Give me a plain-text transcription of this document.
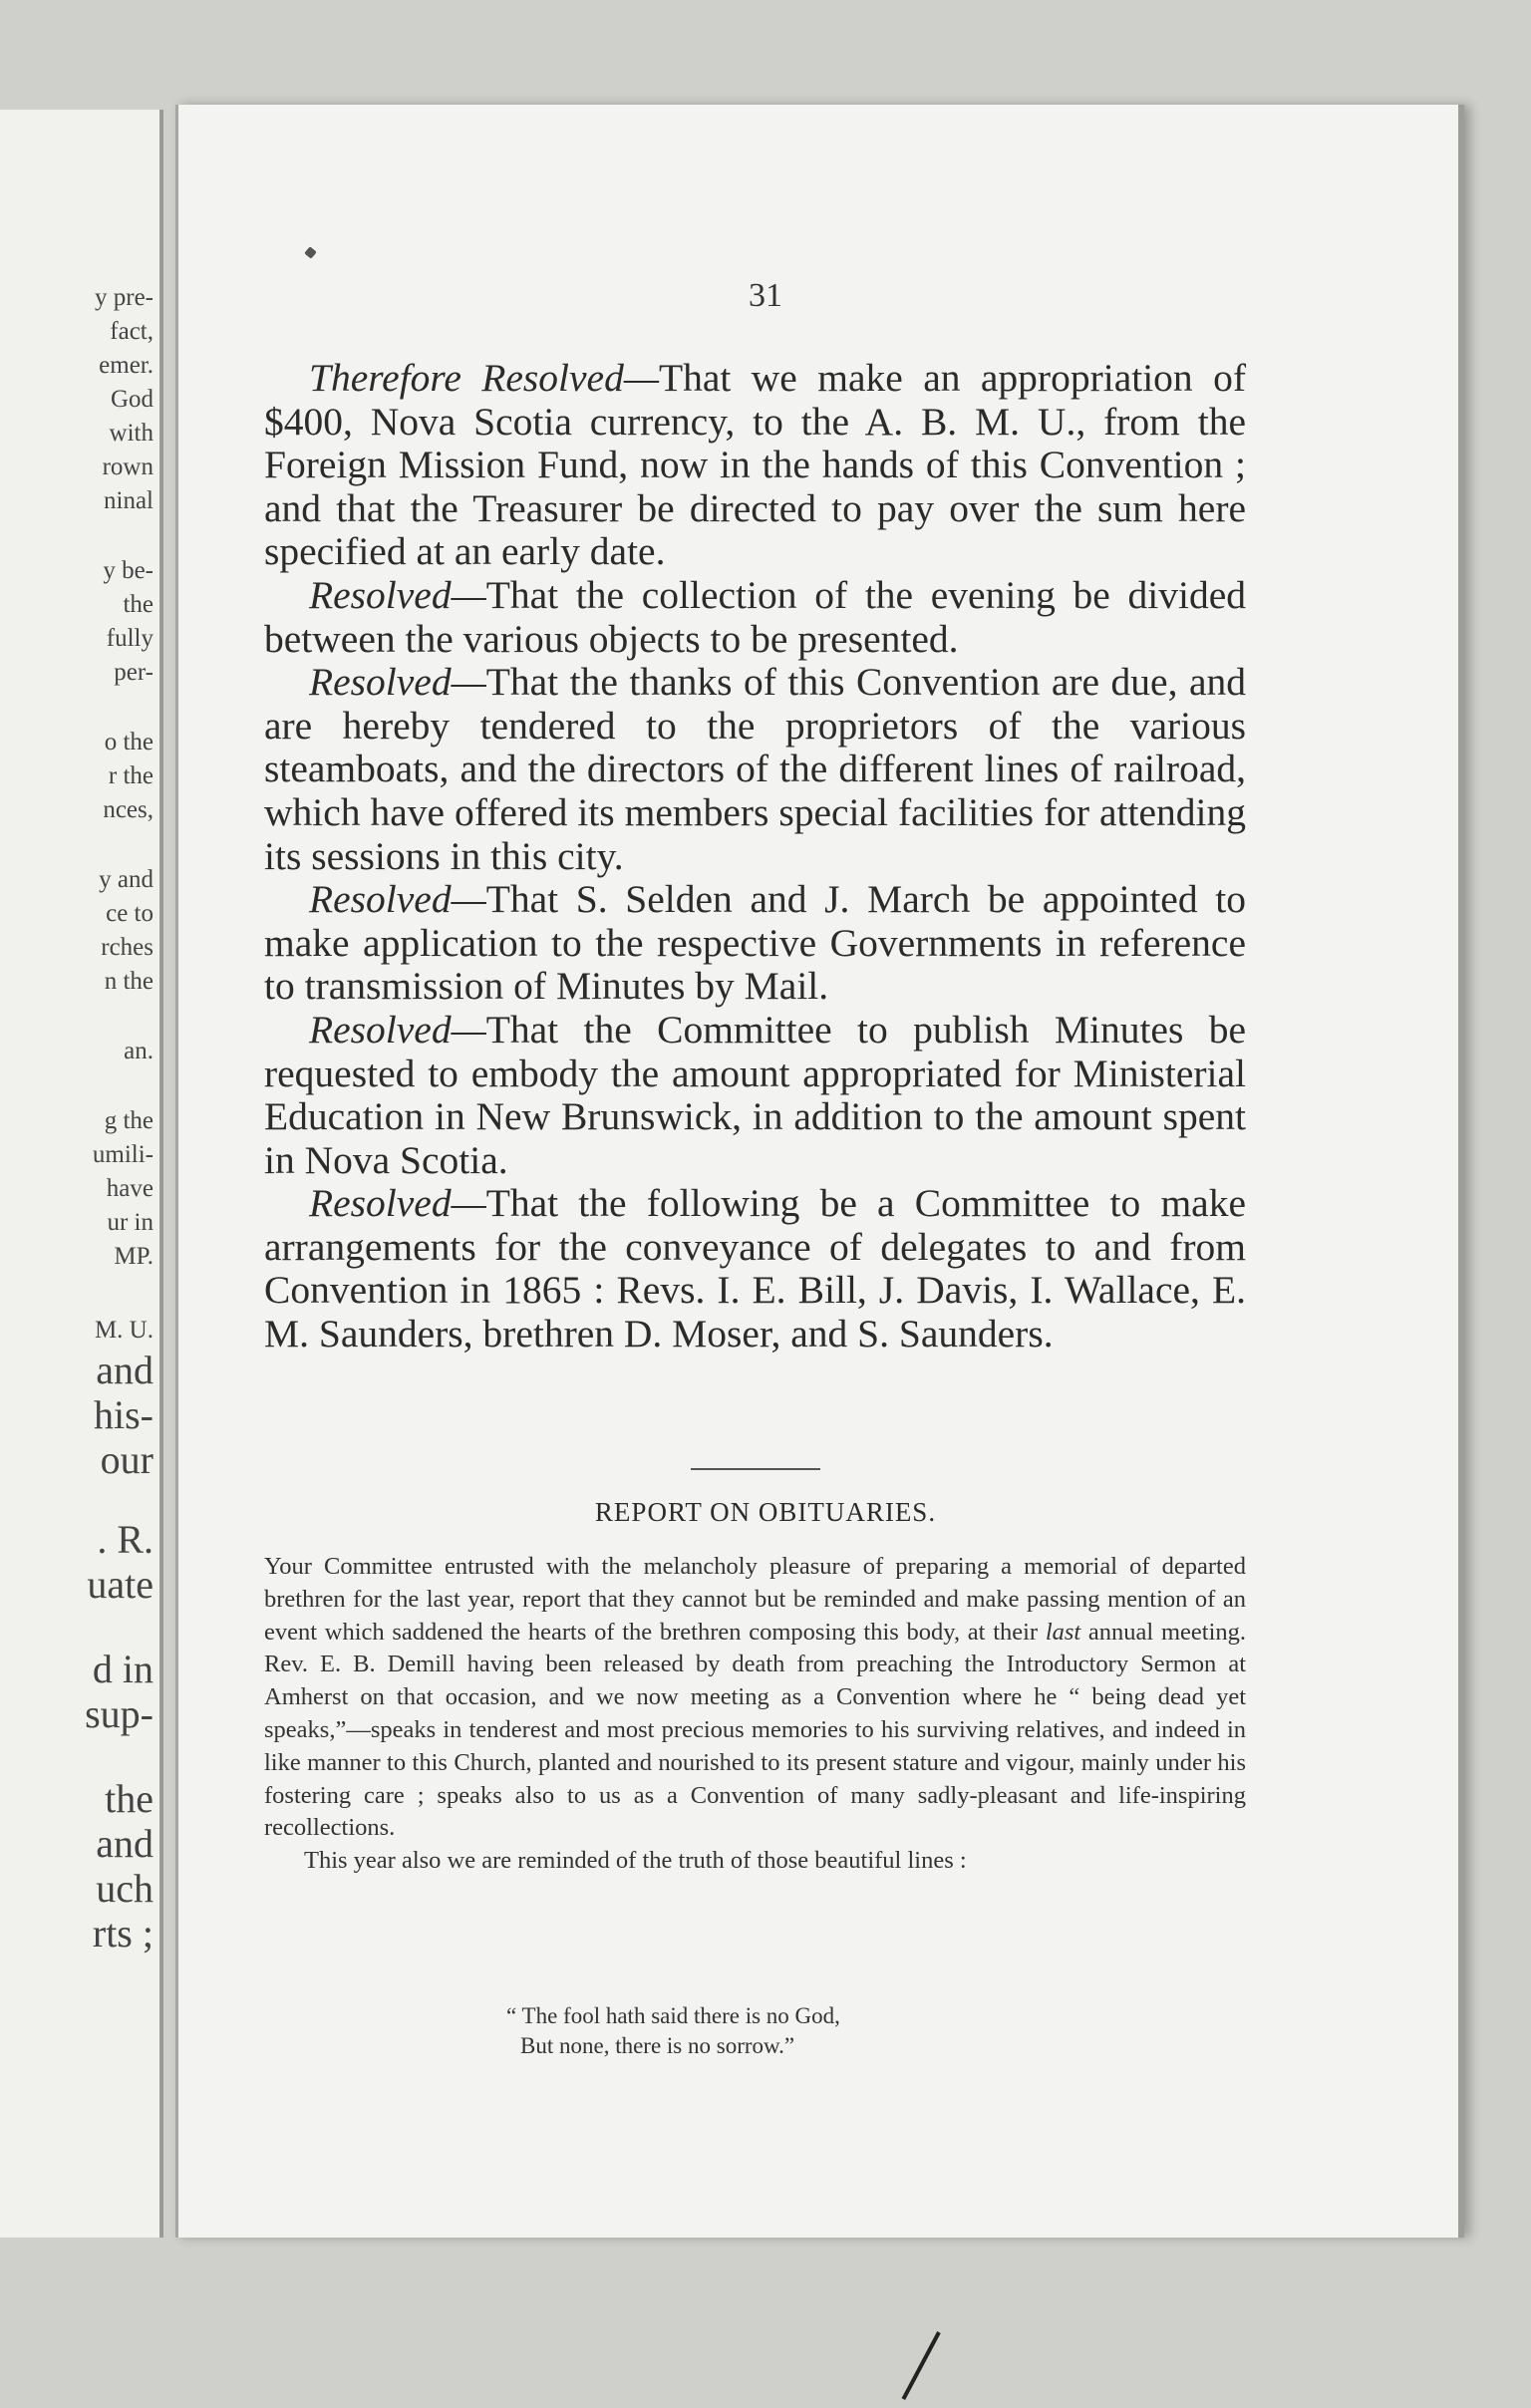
y pre-
fact,
emer.
God
with
rown
ninal
y be-
the
fully
per-
o the
r the
nces,
y and
ce to
rches
n the
an.
g the
umili-
have
ur in
MP.
M. U.
and
his-
our
. R.
uate
d in
sup-
the
and
uch
rts ;
31

Therefore Resolved—That we make an appropriation of $400, Nova Scotia currency, to the A. B. M. U., from the Foreign Mission Fund, now in the hands of this Convention ; and that the Treasurer be directed to pay over the sum here specified at an early date.

Resolved—That the collection of the evening be divided between the various objects to be presented.

Resolved—That the thanks of this Convention are due, and are hereby tendered to the proprietors of the various steamboats, and the directors of the different lines of railroad, which have offered its members special facilities for attending its sessions in this city.

Resolved—That S. Selden and J. March be appointed to make application to the respective Governments in reference to transmission of Minutes by Mail.

Resolved—That the Committee to publish Minutes be requested to embody the amount appropriated for Ministerial Education in New Brunswick, in addition to the amount spent in Nova Scotia.

Resolved—That the following be a Committee to make arrangements for the conveyance of delegates to and from Convention in 1865 : Revs. I. E. Bill, J. Davis, I. Wallace, E. M. Saunders, brethren D. Moser, and S. Saunders.

REPORT ON OBITUARIES.

Your Committee entrusted with the melancholy pleasure of preparing a memorial of departed brethren for the last year, report that they cannot but be reminded and make passing mention of an event which saddened the hearts of the brethren composing this body, at their last annual meeting. Rev. E. B. Demill having been released by death from preaching the Introductory Sermon at Amherst on that occasion, and we now meeting as a Convention where he “ being dead yet speaks,”—speaks in tenderest and most precious memories to his surviving relatives, and indeed in like manner to this Church, planted and nourished to its present stature and vigour, mainly under his fostering care ; speaks also to us as a Convention of many sadly-pleasant and life-inspiring recollections.

This year also we are reminded of the truth of those beautiful lines :

“ The fool hath said there is no God,
But none, there is no sorrow.”
